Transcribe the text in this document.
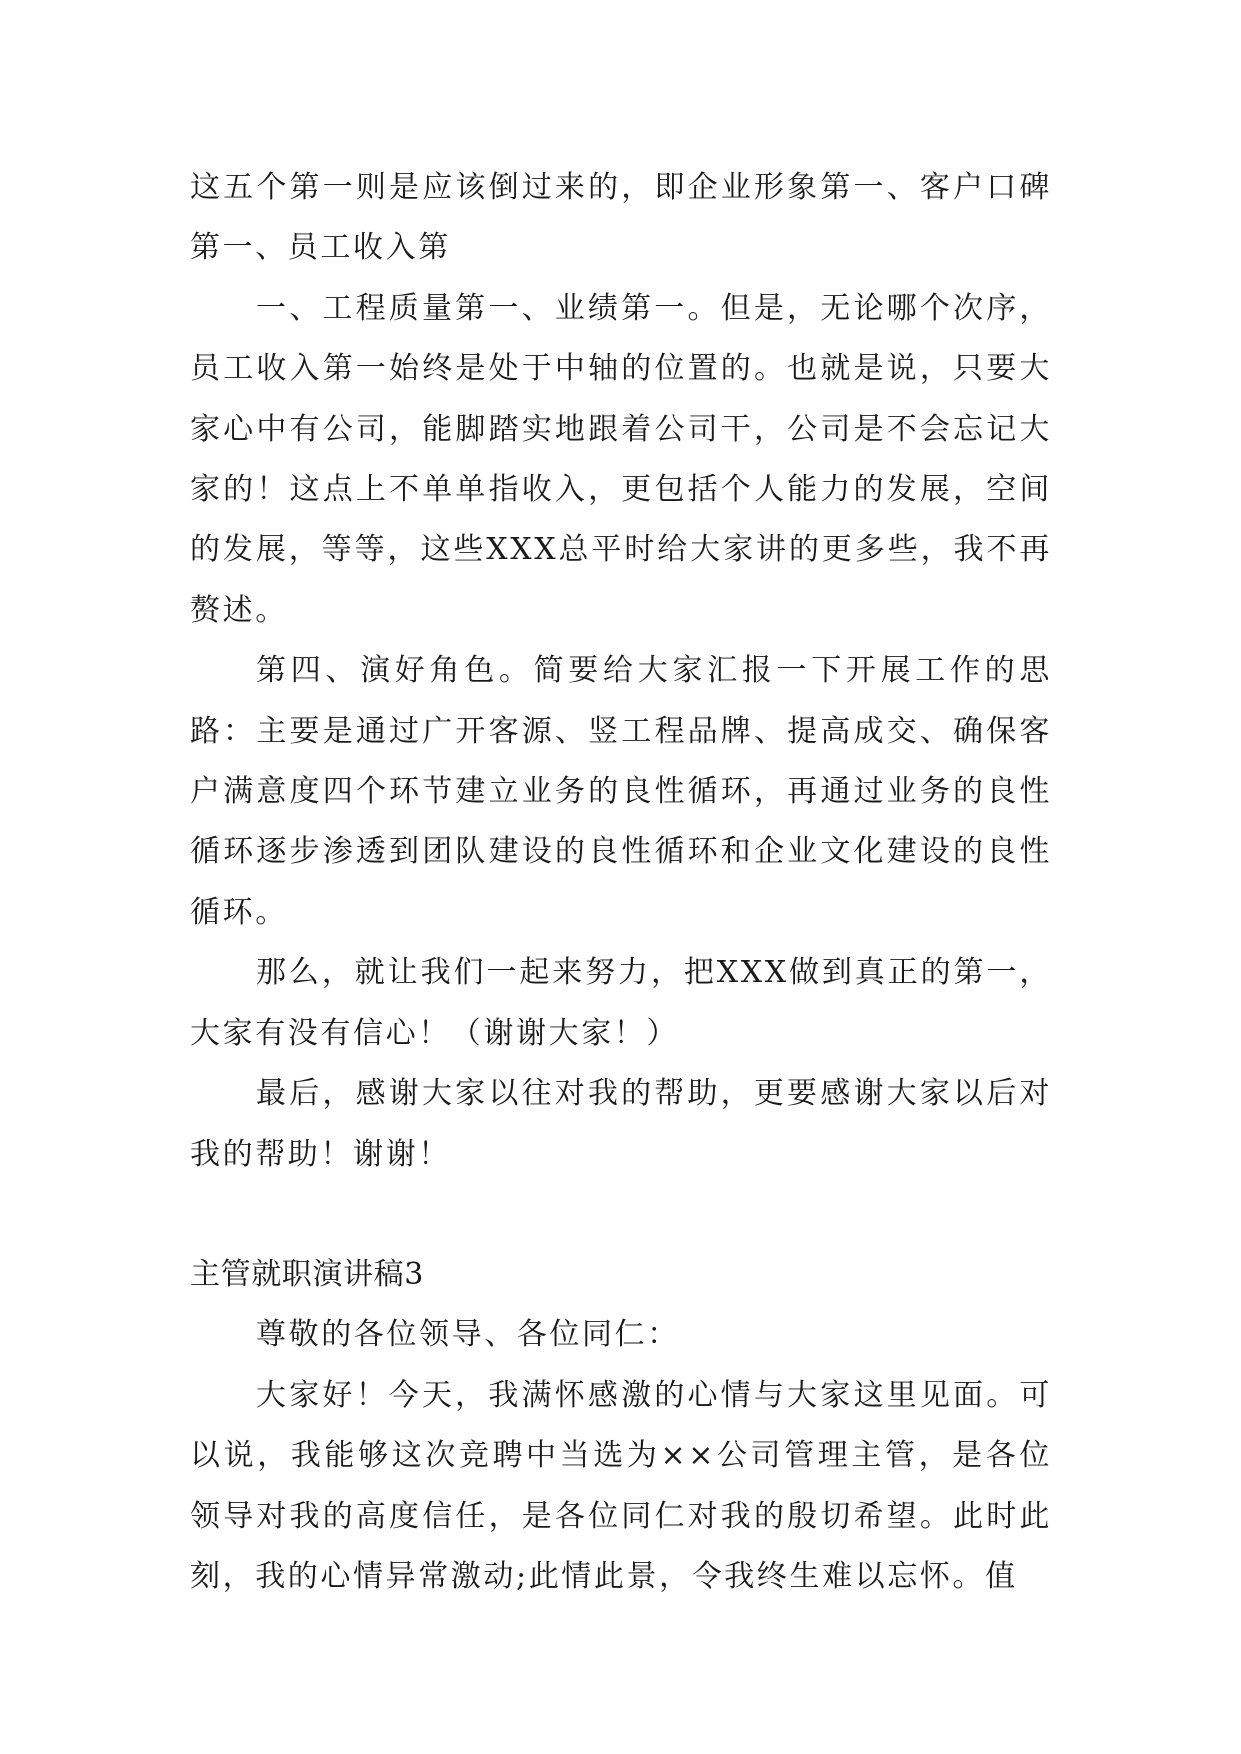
这五个第一则是应该倒过来的，即企业形象第一、客户口碑第一、员工收入第

一、工程质量第一、业绩第一。但是，无论哪个次序，员工收入第一始终是处于中轴的位置的。也就是说，只要大家心中有公司，能脚踏实地跟着公司干，公司是不会忘记大家的！这点上不单单指收入，更包括个人能力的发展，空间的发展，等等，这些XXX总平时给大家讲的更多些，我不再赘述。

第四、演好角色。简要给大家汇报一下开展工作的思路：主要是通过广开客源、竖工程品牌、提高成交、确保客户满意度四个环节建立业务的良性循环，再通过业务的良性循环逐步渗透到团队建设的良性循环和企业文化建设的良性循环。

那么，就让我们一起来努力，把XXX做到真正的第一，大家有没有信心！（谢谢大家！）

最后，感谢大家以往对我的帮助，更要感谢大家以后对我的帮助！谢谢！

主管就职演讲稿3

尊敬的各位领导、各位同仁：

大家好！今天，我满怀感激的心情与大家这里见面。可以说，我能够这次竞聘中当选为××公司管理主管，是各位领导对我的高度信任，是各位同仁对我的殷切希望。此时此刻，我的心情异常激动;此情此景，令我终生难以忘怀。值
